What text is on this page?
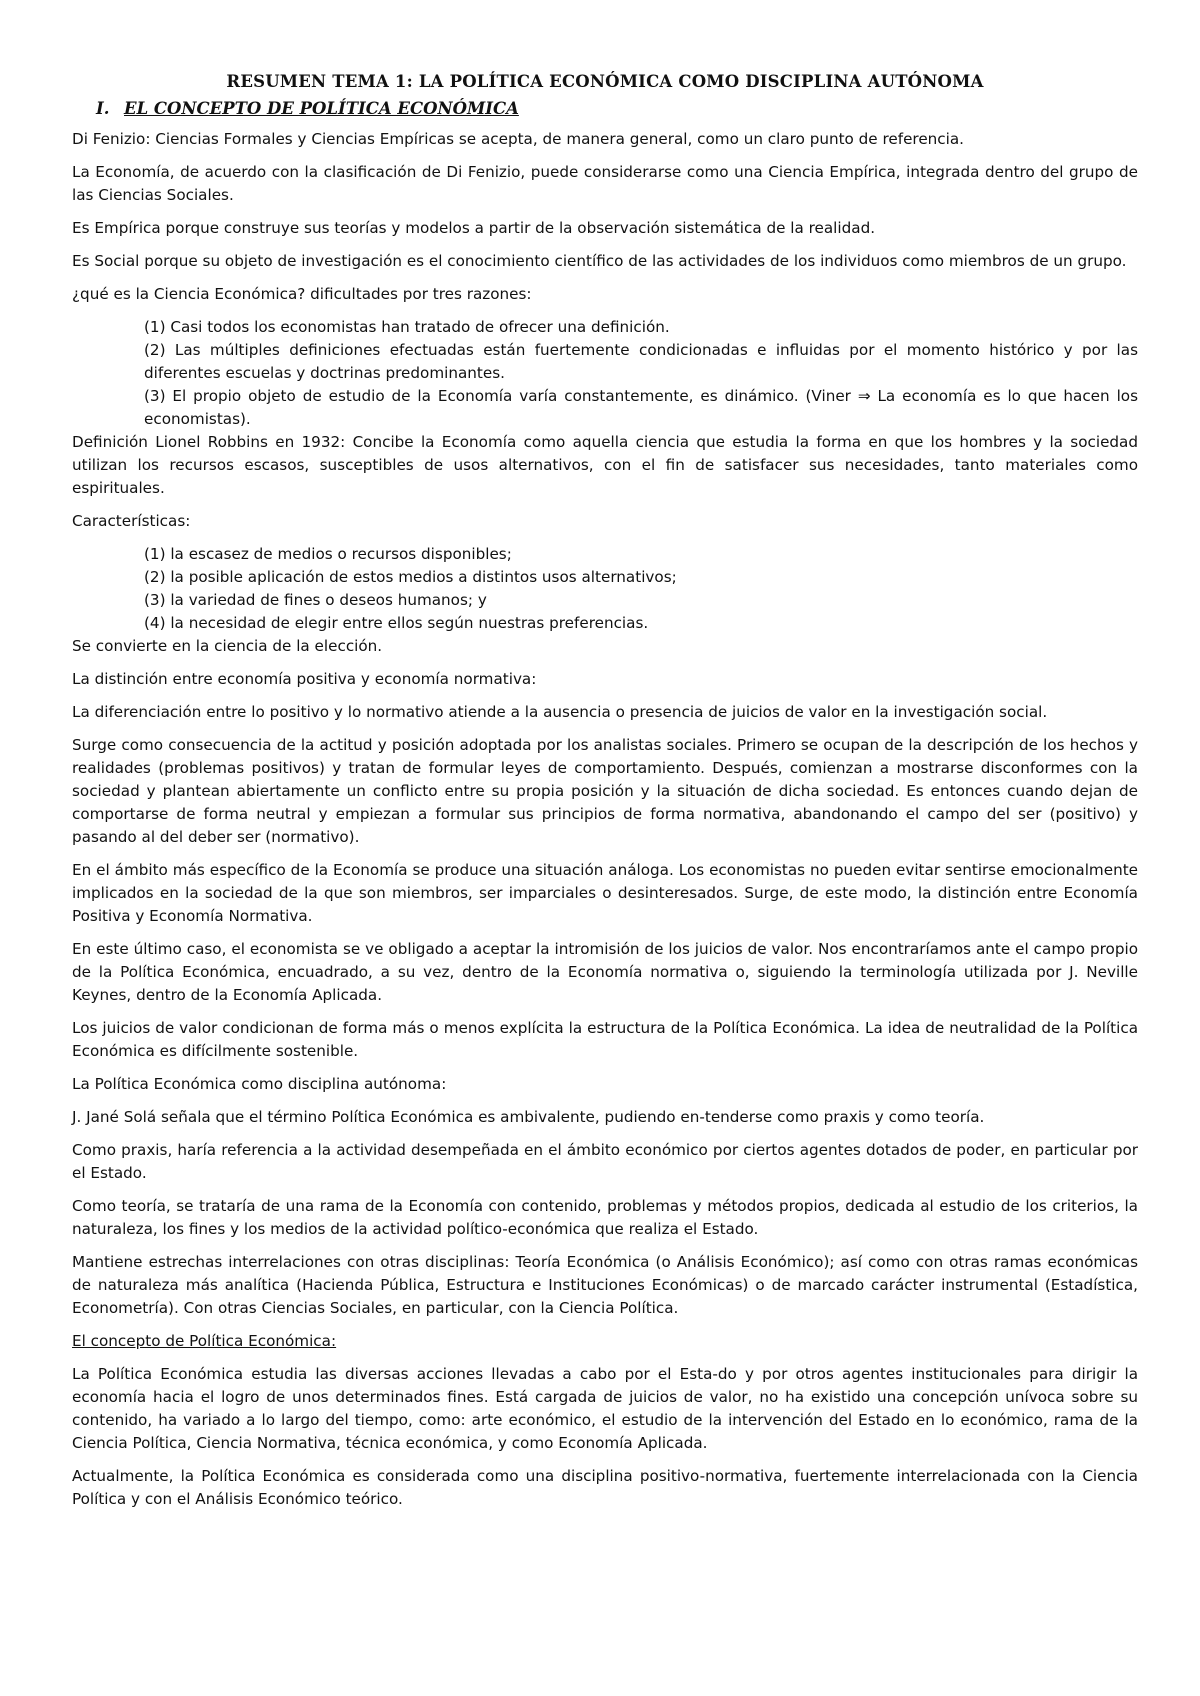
RESUMEN TEMA 1: LA POLÍTICA ECONÓMICA COMO DISCIPLINA AUTÓNOMA
I. EL CONCEPTO DE POLÍTICA ECONÓMICA

Di Fenizio: Ciencias Formales y Ciencias Empíricas se acepta, de manera general, como un claro punto de referencia.

La Economía, de acuerdo con la clasificación de Di Fenizio, puede considerarse como una Ciencia Empírica, integrada dentro del grupo de las Ciencias Sociales.

Es Empírica porque construye sus teorías y modelos a partir de la observación sistemática de la realidad.

Es Social porque su objeto de investigación es el conocimiento científico de las actividades de los individuos como miembros de un grupo.

¿qué es la Ciencia Económica? dificultades por tres razones:

(1) Casi todos los economistas han tratado de ofrecer una definición.
(2) Las múltiples definiciones efectuadas están fuertemente condicionadas e influidas por el momento histórico y por las diferentes escuelas y doctrinas predominantes.
(3) El propio objeto de estudio de la Economía varía constantemente, es dinámico. (Viner ⇒ La economía es lo que hacen los economistas).

Definición Lionel Robbins en 1932: Concibe la Economía como aquella ciencia que estudia la forma en que los hombres y la sociedad utilizan los recursos escasos, susceptibles de usos alternativos, con el fin de satisfacer sus necesidades, tanto materiales como espirituales.

Características:

(1) la escasez de medios o recursos disponibles;
(2) la posible aplicación de estos medios a distintos usos alternativos;
(3) la variedad de fines o deseos humanos; y
(4) la necesidad de elegir entre ellos según nuestras preferencias.

Se convierte en la ciencia de la elección.

La distinción entre economía positiva y economía normativa:

La diferenciación entre lo positivo y lo normativo atiende a la ausencia o presencia de juicios de valor en la investigación social.

Surge como consecuencia de la actitud y posición adoptada por los analistas sociales. Primero se ocupan de la descripción de los hechos y realidades (problemas positivos) y tratan de formular leyes de comportamiento. Después, comienzan a mostrarse disconformes con la sociedad y plantean abiertamente un conflicto entre su propia posición y la situación de dicha sociedad. Es entonces cuando dejan de comportarse de forma neutral y empiezan a formular sus principios de forma normativa, abandonando el campo del ser (positivo) y pasando al del deber ser (normativo).

En el ámbito más específico de la Economía se produce una situación análoga. Los economistas no pueden evitar sentirse emocionalmente implicados en la sociedad de la que son miembros, ser imparciales o desinteresados. Surge, de este modo, la distinción entre Economía Positiva y Economía Normativa.

En este último caso, el economista se ve obligado a aceptar la intromisión de los juicios de valor. Nos encontraríamos ante el campo propio de la Política Económica, encuadrado, a su vez, dentro de la Economía normativa o, siguiendo la terminología utilizada por J. Neville Keynes, dentro de la Economía Aplicada.

Los juicios de valor condicionan de forma más o menos explícita la estructura de la Política Económica. La idea de neutralidad de la Política Económica es difícilmente sostenible.

La Política Económica como disciplina autónoma:

J. Jané Solá señala que el término Política Económica es ambivalente, pudiendo en-tenderse como praxis y como teoría.

Como praxis, haría referencia a la actividad desempeñada en el ámbito económico por ciertos agentes dotados de poder, en particular por el Estado.

Como teoría, se trataría de una rama de la Economía con contenido, problemas y métodos propios, dedicada al estudio de los criterios, la naturaleza, los fines y los medios de la actividad político-económica que realiza el Estado.

Mantiene estrechas interrelaciones con otras disciplinas: Teoría Económica (o Análisis Económico); así como con otras ramas económicas de naturaleza más analítica (Hacienda Pública, Estructura e Instituciones Económicas) o de marcado carácter instrumental (Estadística, Econometría). Con otras Ciencias Sociales, en particular, con la Ciencia Política.

El concepto de Política Económica:

La Política Económica estudia las diversas acciones llevadas a cabo por el Esta-do y por otros agentes institucionales para dirigir la economía hacia el logro de unos determinados fines. Está cargada de juicios de valor, no ha existido una concepción unívoca sobre su contenido, ha variado a lo largo del tiempo, como: arte económico, el estudio de la intervención del Estado en lo económico, rama de la Ciencia Política, Ciencia Normativa, técnica económica, y como Economía Aplicada.

Actualmente, la Política Económica es considerada como una disciplina positivo-normativa, fuertemente interrelacionada con la Ciencia Política y con el Análisis Económico teórico.
